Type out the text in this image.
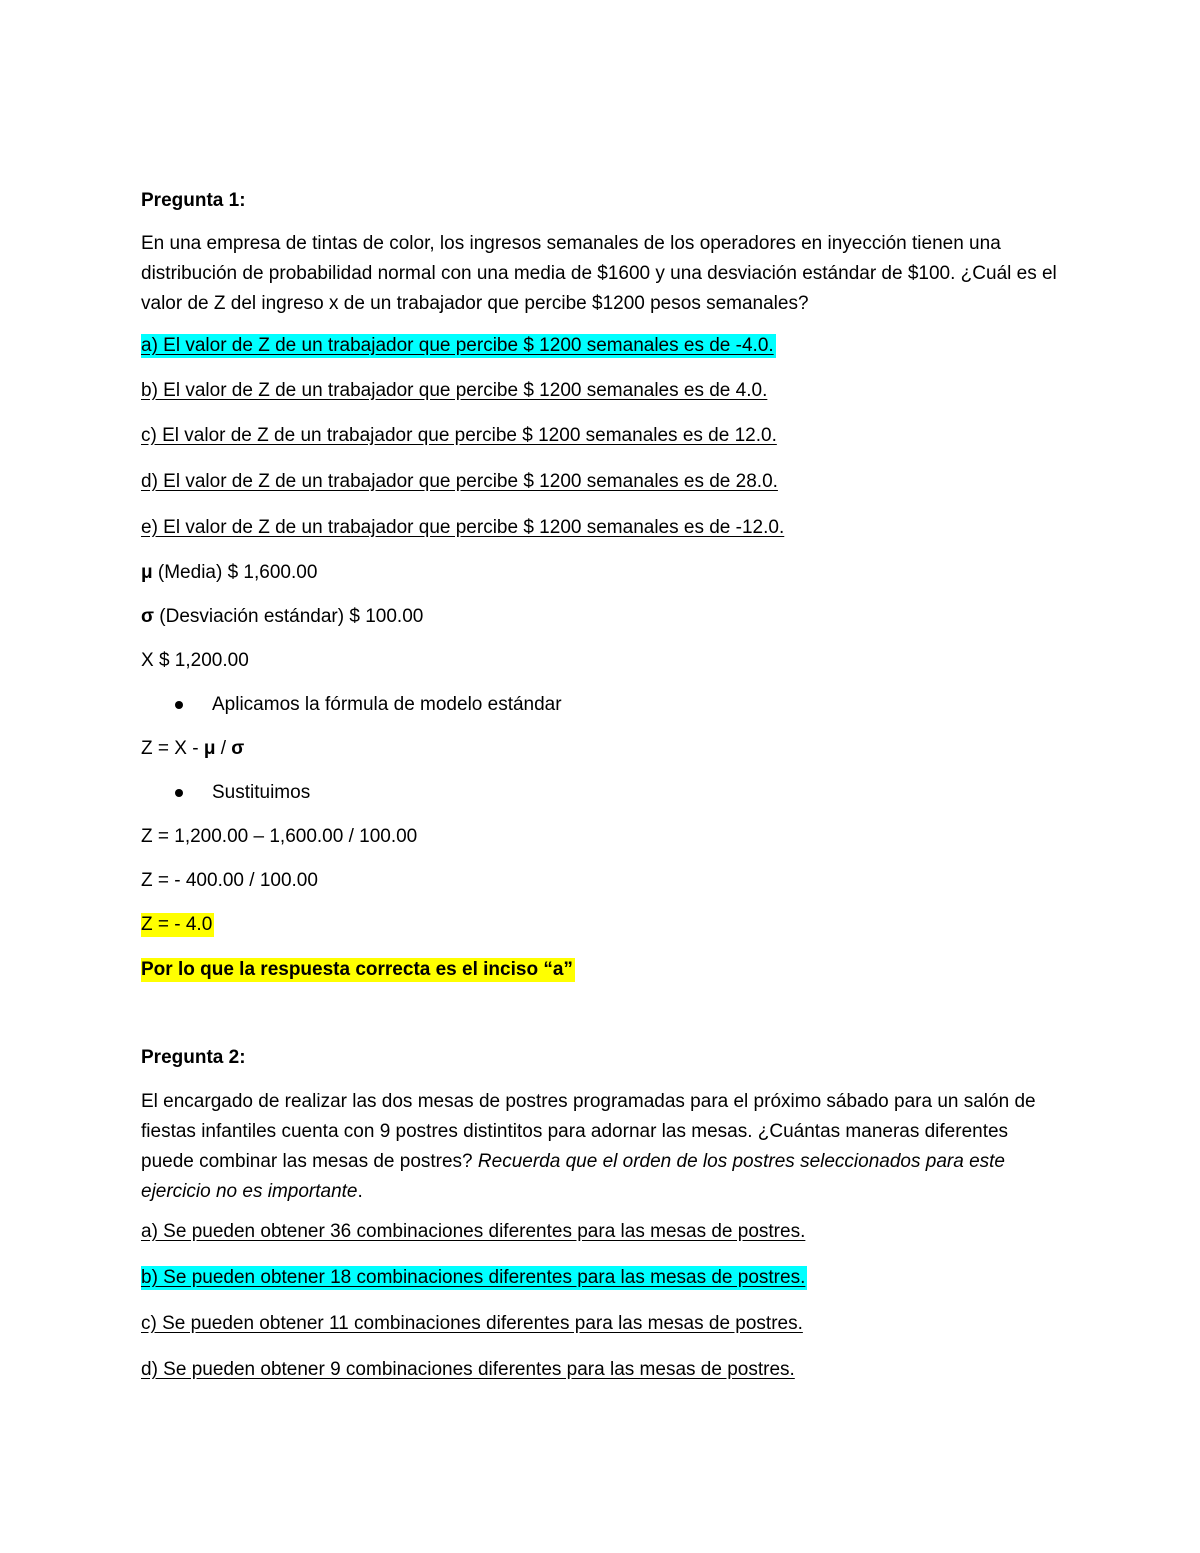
Pregunta 1:
En una empresa de tintas de color, los ingresos semanales de los operadores en inyección tienen una distribución de probabilidad normal con una media de $1600 y una desviación estándar de $100. ¿Cuál es el valor de Z del ingreso x de un trabajador que percibe $1200 pesos semanales?
a) El valor de Z de un trabajador que percibe $ 1200 semanales es de -4.0.
b) El valor de Z de un trabajador que percibe $ 1200 semanales es de 4.0.
c) El valor de Z de un trabajador que percibe $ 1200 semanales es de 12.0.
d) El valor de Z de un trabajador que percibe $ 1200 semanales es de 28.0.
e) El valor de Z de un trabajador que percibe $ 1200 semanales es de -12.0.
μ (Media) $ 1,600.00
σ (Desviación estándar) $ 100.00
X $ 1,200.00
Aplicamos la fórmula de modelo estándar
Z = X - μ / σ
Sustituimos
Z = 1,200.00 – 1,600.00 / 100.00
Z = - 400.00 / 100.00
Z = - 4.0
Por lo que la respuesta correcta es el inciso “a”
Pregunta 2:
El encargado de realizar las dos mesas de postres programadas para el próximo sábado para un salón de fiestas infantiles cuenta con 9 postres distintitos para adornar las mesas. ¿Cuántas maneras diferentes puede combinar las mesas de postres? Recuerda que el orden de los postres seleccionados para este ejercicio no es importante.
a) Se pueden obtener 36 combinaciones diferentes para las mesas de postres.
b) Se pueden obtener 18 combinaciones diferentes para las mesas de postres.
c) Se pueden obtener 11 combinaciones diferentes para las mesas de postres.
d) Se pueden obtener 9 combinaciones diferentes para las mesas de postres.
